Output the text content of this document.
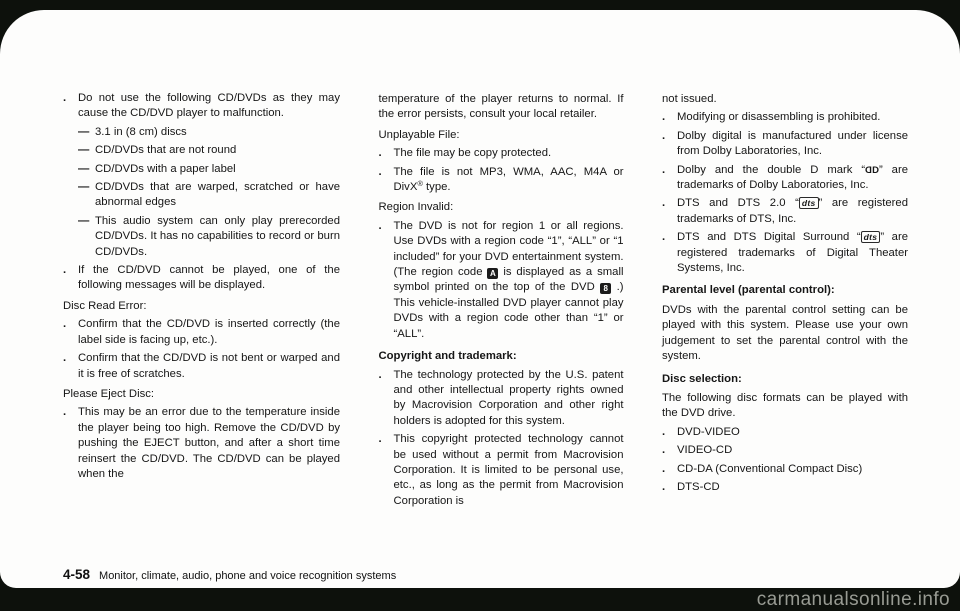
. Do not use the following CD/DVDs as they may cause the CD/DVD player to malfunction.
— 3.1 in (8 cm) discs
— CD/DVDs that are not round
— CD/DVDs with a paper label
— CD/DVDs that are warped, scratched or have abnormal edges
— This audio system can only play prerecorded CD/DVDs. It has no capabilities to record or burn CD/DVDs.
. If the CD/DVD cannot be played, one of the following messages will be displayed.
Disc Read Error:
. Confirm that the CD/DVD is inserted correctly (the label side is facing up, etc.).
. Confirm that the CD/DVD is not bent or warped and it is free of scratches.
Please Eject Disc:
. This may be an error due to the temperature inside the player being too high. Remove the CD/DVD by pushing the EJECT button, and after a short time reinsert the CD/DVD. The CD/DVD can be played when the
temperature of the player returns to normal. If the error persists, consult your local retailer.
Unplayable File:
. The file may be copy protected.
. The file is not MP3, WMA, AAC, M4A or DivX® type.
Region Invalid:
. The DVD is not for region 1 or all regions. Use DVDs with a region code “1”, “ALL” or “1 included” for your DVD entertainment system. (The region code A is displayed as a small symbol printed on the top of the DVD 8 .) This vehicle-installed DVD player cannot play DVDs with a region code other than “1” or “ALL”.
Copyright and trademark:
. The technology protected by the U.S. patent and other intellectual property rights owned by Macrovision Corporation and other right holders is adopted for this system.
. This copyright protected technology cannot be used without a permit from Macrovision Corporation. It is limited to be personal use, etc., as long as the permit from Macrovision Corporation is
not issued.
. Modifying or disassembling is prohibited.
. Dolby digital is manufactured under license from Dolby Laboratories, Inc.
. Dolby and the double D mark “DD” are trademarks of Dolby Laboratories, Inc.
. DTS and DTS 2.0 “ dts ” are registered trademarks of DTS, Inc.
. DTS and DTS Digital Surround “ dts ” are registered trademarks of Digital Theater Systems, Inc.
Parental level (parental control):
DVDs with the parental control setting can be played with this system. Please use your own judgement to set the parental control with the system.
Disc selection:
The following disc formats can be played with the DVD drive.
. DVD-VIDEO
. VIDEO-CD
. CD-DA (Conventional Compact Disc)
. DTS-CD
4-58 Monitor, climate, audio, phone and voice recognition systems
carmanualsonline.info
